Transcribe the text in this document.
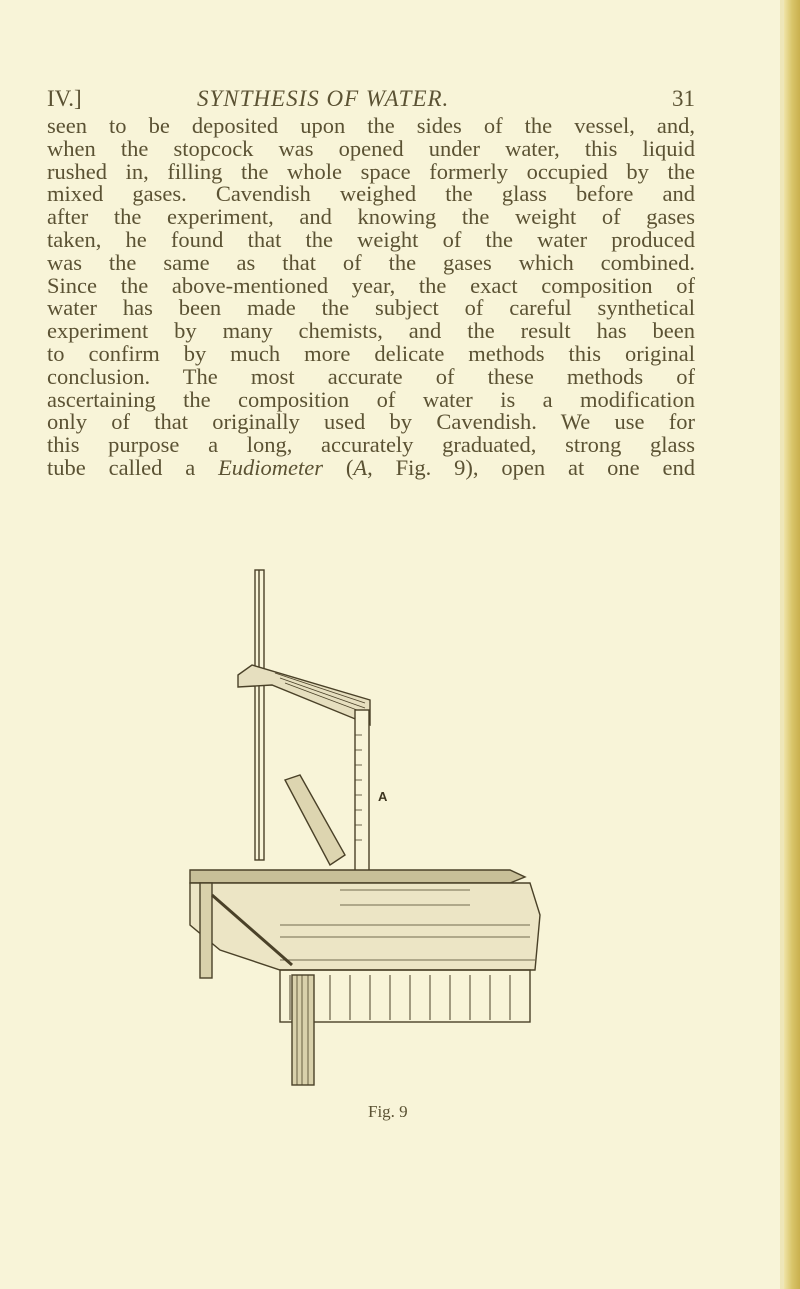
IV.]	SYNTHESIS OF WATER.	31
seen to be deposited upon the sides of the vessel, and,
when the stopcock was opened under water, this liquid
rushed in, filling the whole space formerly occupied by the
mixed gases. Cavendish weighed the glass before and
after the experiment, and knowing the weight of gases
taken, he found that the weight of the water produced
was the same as that of the gases which combined.
Since the above-mentioned year, the exact composition of
water has been made the subject of careful synthetical
experiment by many chemists, and the result has been
to confirm by much more delicate methods this original
conclusion. The most accurate of these methods of
ascertaining the composition of water is a modification
only of that originally used by Cavendish. We use for
this purpose a long, accurately graduated, strong glass
tube called a Eudiometer (A, Fig. 9), open at one end
A
Fig. 9
